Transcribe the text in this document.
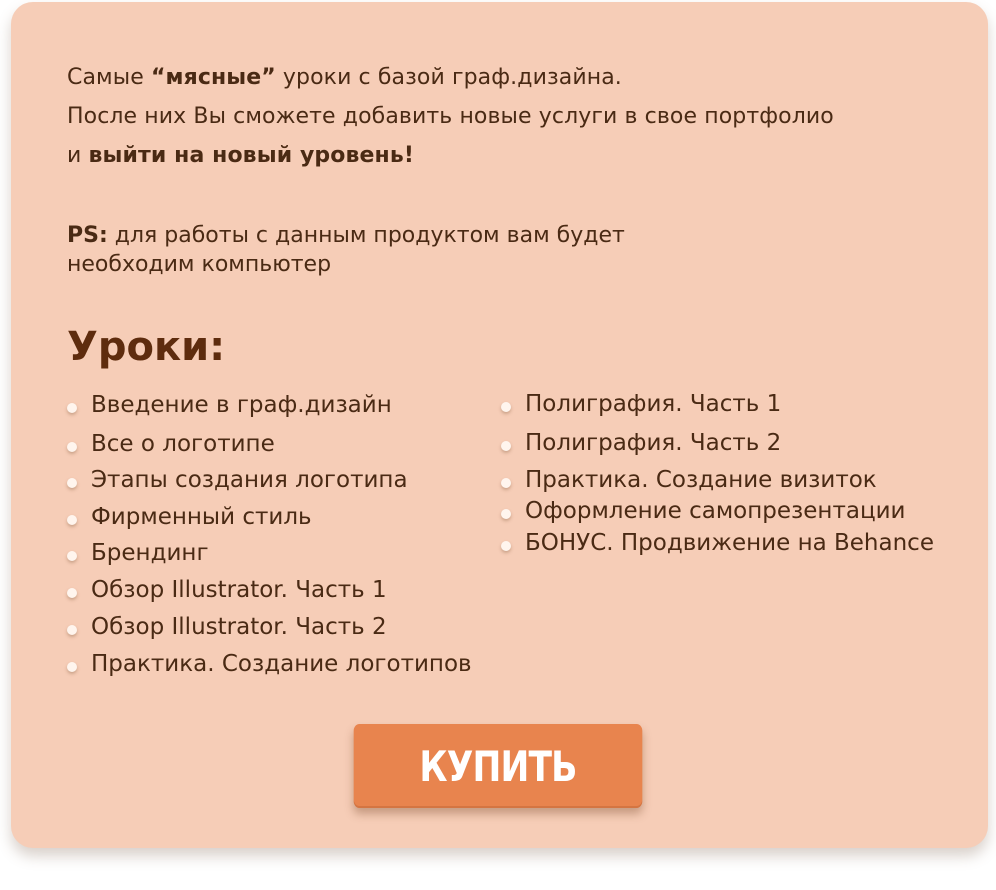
Самые “мясные” уроки с базой граф.дизайна.
После них Вы сможете добавить новые услуги в свое портфолио
и выйти на новый уровень!
PS: для работы с данным продуктом вам будет
необходим компьютер
Уроки:
Введение в граф.дизайн
Все о логотипе
Этапы создания логотипа
Фирменный стиль
Брендинг
Обзор Illustrator. Часть 1
Обзор Illustrator. Часть 2
Практика. Создание логотипов
Полиграфия. Часть 1
Полиграфия. Часть 2
Практика. Создание визиток
Оформление самопрезентации
БОНУС. Продвижение на Behance
КУПИТЬ
